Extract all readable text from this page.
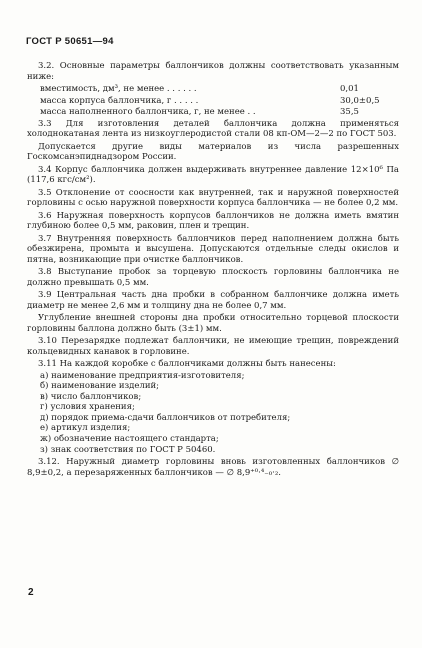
ГОСТ Р 50651—94

3.2. Основные параметры баллончиков должны соответствовать указанным ниже:

вместимость, дм³, не менее . . . . . .	0,01
масса корпуса баллончика, г . . . . .	30,0±0,5
масса наполненного баллончика, г, не менее . .	35,5

3.3 Для изготовления деталей баллончика должна применяться холоднокатаная лента из низкоуглеродистой стали 08 кп-ОМ—2—2 по ГОСТ 503.

Допускается другие виды материалов из числа разрешенных Госкомсанэпиднадзором России.

3.4 Корпус баллончика должен выдерживать внутреннее давление 12×10⁶ Па (117,6 кгс/см²).

3.5 Отклонение от соосности как внутренней, так и наружной поверхностей горловины с осью наружной поверхности корпуса баллончика — не более 0,2 мм.

3.6 Наружная поверхность корпусов баллончиков не должна иметь вмятин глубиною более 0,5 мм, раковин, плен и трещин.

3.7 Внутренняя поверхность баллончиков перед наполнением должна быть обезжирена, промыта и высушена. Допускаются отдельные следы окислов и пятна, возникающие при очистке баллончиков.

3.8 Выступание пробок за торцевую плоскость горловины баллончика не должно превышать 0,5 мм.

3.9 Центральная часть дна пробки в собранном баллончике должна иметь диаметр не менее 2,6 мм и толщину дна не более 0,7 мм.

Углубление внешней стороны дна пробки относительно торцевой плоскости горловины баллона должно быть (3±1) мм.

3.10 Перезарядке подлежат баллончики, не имеющие трещин, повреждений кольцевидных канавок в горловине.

3.11 На каждой коробке с баллончиками должны быть нанесены:

а) наименование предприятия-изготовителя;
б) наименование изделий;
в) число баллончиков;
г) условия хранения;
д) порядок приема-сдачи баллончиков от потребителя;
е) артикул изделия;
ж) обозначение настоящего стандарта;
з) знак соответствия по ГОСТ Р 50460.

3.12. Наружный диаметр горловины вновь изготовленных баллончиков ∅ 8,9±0,2, а перезаряженных баллончиков — ∅ 8,9⁺⁰·⁴₋₀·₂.

2
